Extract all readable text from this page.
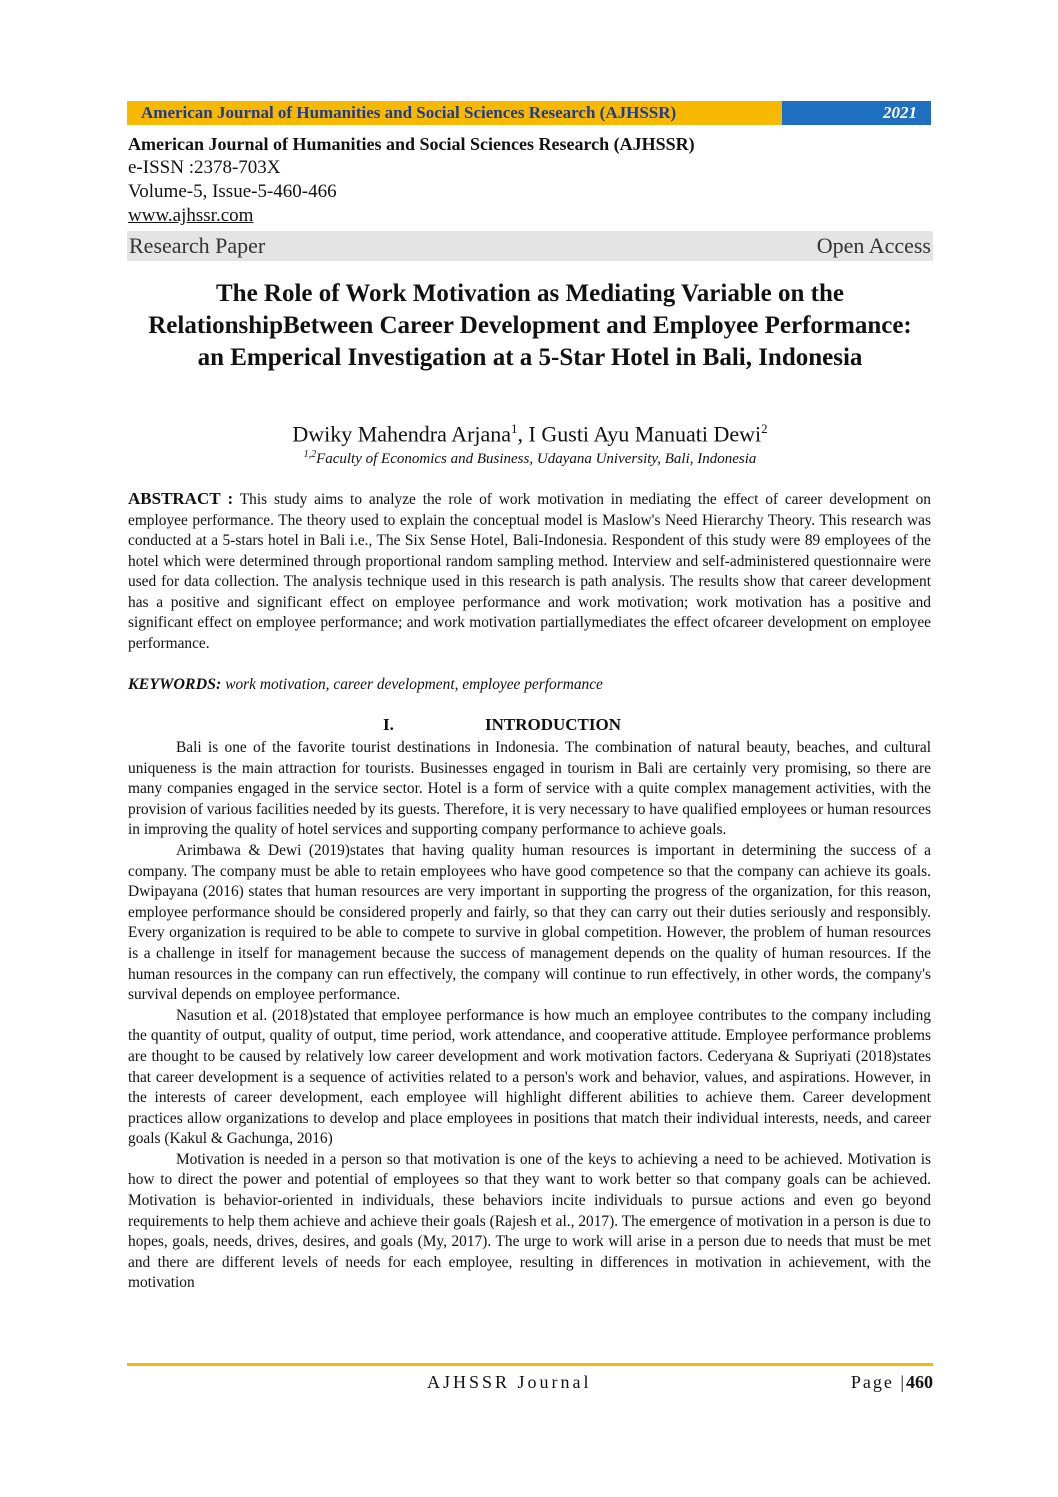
American Journal of Humanities and Social Sciences Research (AJHSSR)	2021
American Journal of Humanities and Social Sciences Research (AJHSSR)
e-ISSN :2378-703X
Volume-5, Issue-5-460-466
www.ajhssr.com
Research Paper	Open Access
The Role of Work Motivation as Mediating Variable on the RelationshipBetween Career Development and Employee Performance: an Emperical Investigation at a 5-Star Hotel in Bali, Indonesia
Dwiky Mahendra Arjana$^1$, I Gusti Ayu Manuati Dewi$^2$
$^{1,2}$Faculty of Economics and Business, Udayana University, Bali, Indonesia
ABSTRACT : This study aims to analyze the role of work motivation in mediating the effect of career development on employee performance. The theory used to explain the conceptual model is Maslow's Need Hierarchy Theory. This research was conducted at a 5-stars hotel in Bali i.e., The Six Sense Hotel, Bali-Indonesia. Respondent of this study were 89 employees of the hotel which were determined through proportional random sampling method. Interview and self-administered questionnaire were used for data collection. The analysis technique used in this research is path analysis. The results show that career development has a positive and significant effect on employee performance and work motivation; work motivation has a positive and significant effect on employee performance; and work motivation partiallymediates the effect ofcareer development on employee performance.
KEYWORDS: work motivation, career development, employee performance
I.	INTRODUCTION

Bali is one of the favorite tourist destinations in Indonesia. The combination of natural beauty, beaches, and cultural uniqueness is the main attraction for tourists. Businesses engaged in tourism in Bali are certainly very promising, so there are many companies engaged in the service sector. Hotel is a form of service with a quite complex management activities, with the provision of various facilities needed by its guests. Therefore, it is very necessary to have qualified employees or human resources in improving the quality of hotel services and supporting company performance to achieve goals.

Arimbawa & Dewi (2019)states that having quality human resources is important in determining the success of a company. The company must be able to retain employees who have good competence so that the company can achieve its goals. Dwipayana (2016) states that human resources are very important in supporting the progress of the organization, for this reason, employee performance should be considered properly and fairly, so that they can carry out their duties seriously and responsibly. Every organization is required to be able to compete to survive in global competition. However, the problem of human resources is a challenge in itself for management because the success of management depends on the quality of human resources. If the human resources in the company can run effectively, the company will continue to run effectively, in other words, the company's survival depends on employee performance.

Nasution et al. (2018)stated that employee performance is how much an employee contributes to the company including the quantity of output, quality of output, time period, work attendance, and cooperative attitude. Employee performance problems are thought to be caused by relatively low career development and work motivation factors. Cederyana & Supriyati (2018)states that career development is a sequence of activities related to a person's work and behavior, values, and aspirations. However, in the interests of career development, each employee will highlight different abilities to achieve them. Career development practices allow organizations to develop and place employees in positions that match their individual interests, needs, and career goals (Kakul & Gachunga, 2016)

Motivation is needed in a person so that motivation is one of the keys to achieving a need to be achieved. Motivation is how to direct the power and potential of employees so that they want to work better so that company goals can be achieved. Motivation is behavior-oriented in individuals, these behaviors incite individuals to pursue actions and even go beyond requirements to help them achieve and achieve their goals (Rajesh et al., 2017). The emergence of motivation in a person is due to hopes, goals, needs, drives, desires, and goals (My, 2017). The urge to work will arise in a person due to needs that must be met and there are different levels of needs for each employee, resulting in differences in motivation in achievement, with the motivation

AJHSSR Journal	Page |460
